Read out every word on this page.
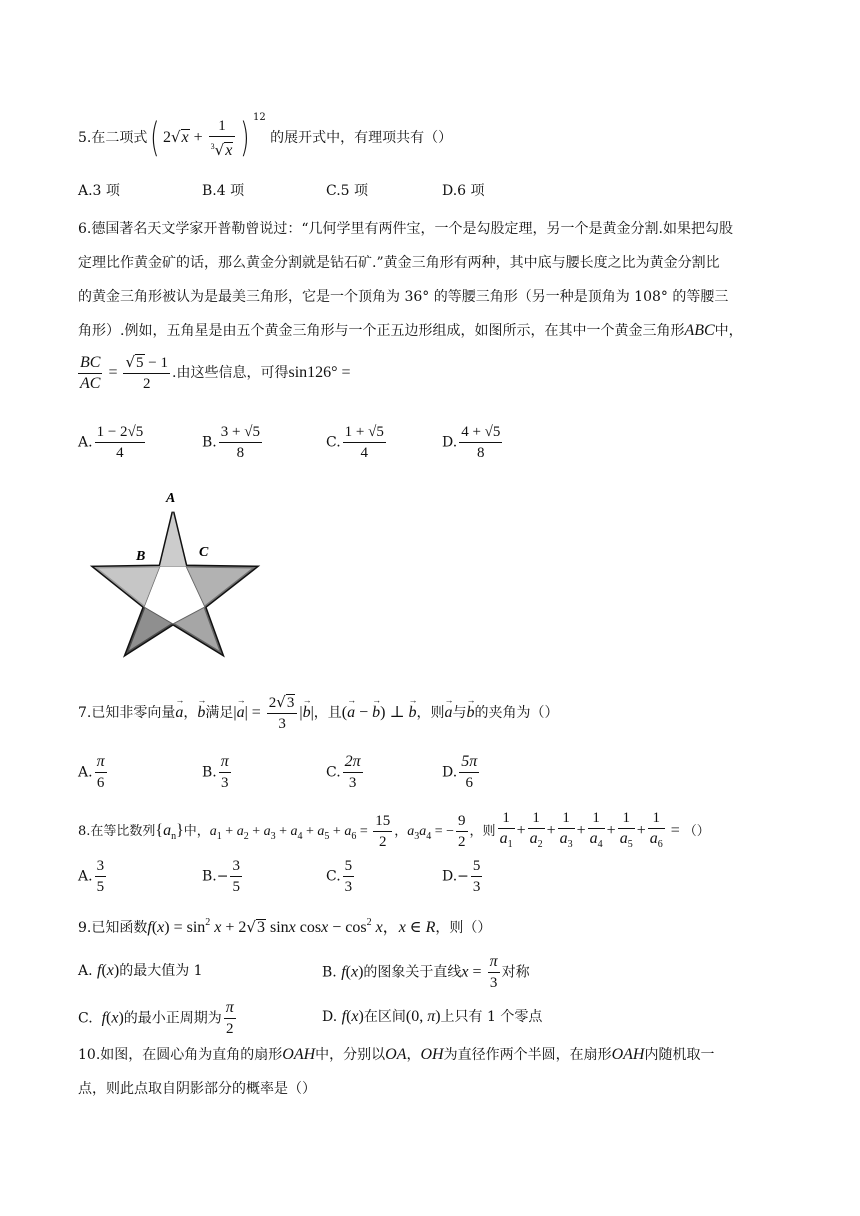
5.在二项式( $2√x + \frac{1}{^3√x}$ ) $^{12}$ 的展开式中，有理项共有（）
A.3 项	B.4 项	C.5 项	D.6 项
6.德国著名天文学家开普勒曾说过：“几何学里有两件宝，一个是勾股定理，另一个是黄金分割.如果把勾股
定理比作黄金矿的话，那么黄金分割就是钻石矿.”黄金三角形有两种，其中底与腰长度之比为黄金分割比
的黄金三角形被认为是最美三角形，它是一个顶角为 36° 的等腰三角形（另一种是顶角为 108° 的等腰三
角形）.例如，五角星是由五个黄金三角形与一个正五边形组成，如图所示，在其中一个黄金三角形ABC中，
$\frac{BC}{AC} = \frac{√5 - 1}{2}$ .由这些信息，可得sin126° =
A. $\frac{1 - 2√5}{4}$	B. $\frac{3 + √5}{8}$	C. $\frac{1 + √5}{4}$	D. $\frac{4 + √5}{8}$
A
B	C
7.已知非零向量→ a，→ b满足|→ $a| = \frac{2√3}{3}$ |→ b|，且(→ a − → b) ⊥ → b，则→ a与→ b的夹角为（）
A. $\frac{\pi}{6}$	B. $\frac{\pi}{3}$	C. $\frac{2\pi}{3}$	D. $\frac{5\pi}{6}$
8.在等比数列$\{a_n\}$中，$a_1 + a_2 + a_3 + a_4 + a_5 + a_6 = \frac{15}{2}$ ，$a_3a_4$ = − $\frac{9}{2}$ ，则 $\frac{1}{a_1} + \frac{1}{a_2} + \frac{1}{a_3} + \frac{1}{a_4} + \frac{1}{a_5} + \frac{1}{a_6}$ = （）
A. $\frac{3}{5}$	$B.- \frac{3}{5}$	C. $\frac{5}{3}$	$D.- \frac{5}{3}$
9.已知函数$f(x) = \sin^2 x + 2√3$ sinx $\cos x - \cos^2 x$，x ∈ R，则（）
A. f(x)的最大值为 1	B. f(x)的图象关于直线$x = \frac{\pi}{3}$ 对称
C.  f(x)的最小正周期为 $\frac{\pi}{2}$	D. f(x)在区间(0, π)上只有 1 个零点
10.如图，在圆心角为直角的扇形OAH中，分别以OA，OH为直径作两个半圆，在扇形OAH内随机取一
点，则此点取自阴影部分的概率是（）
